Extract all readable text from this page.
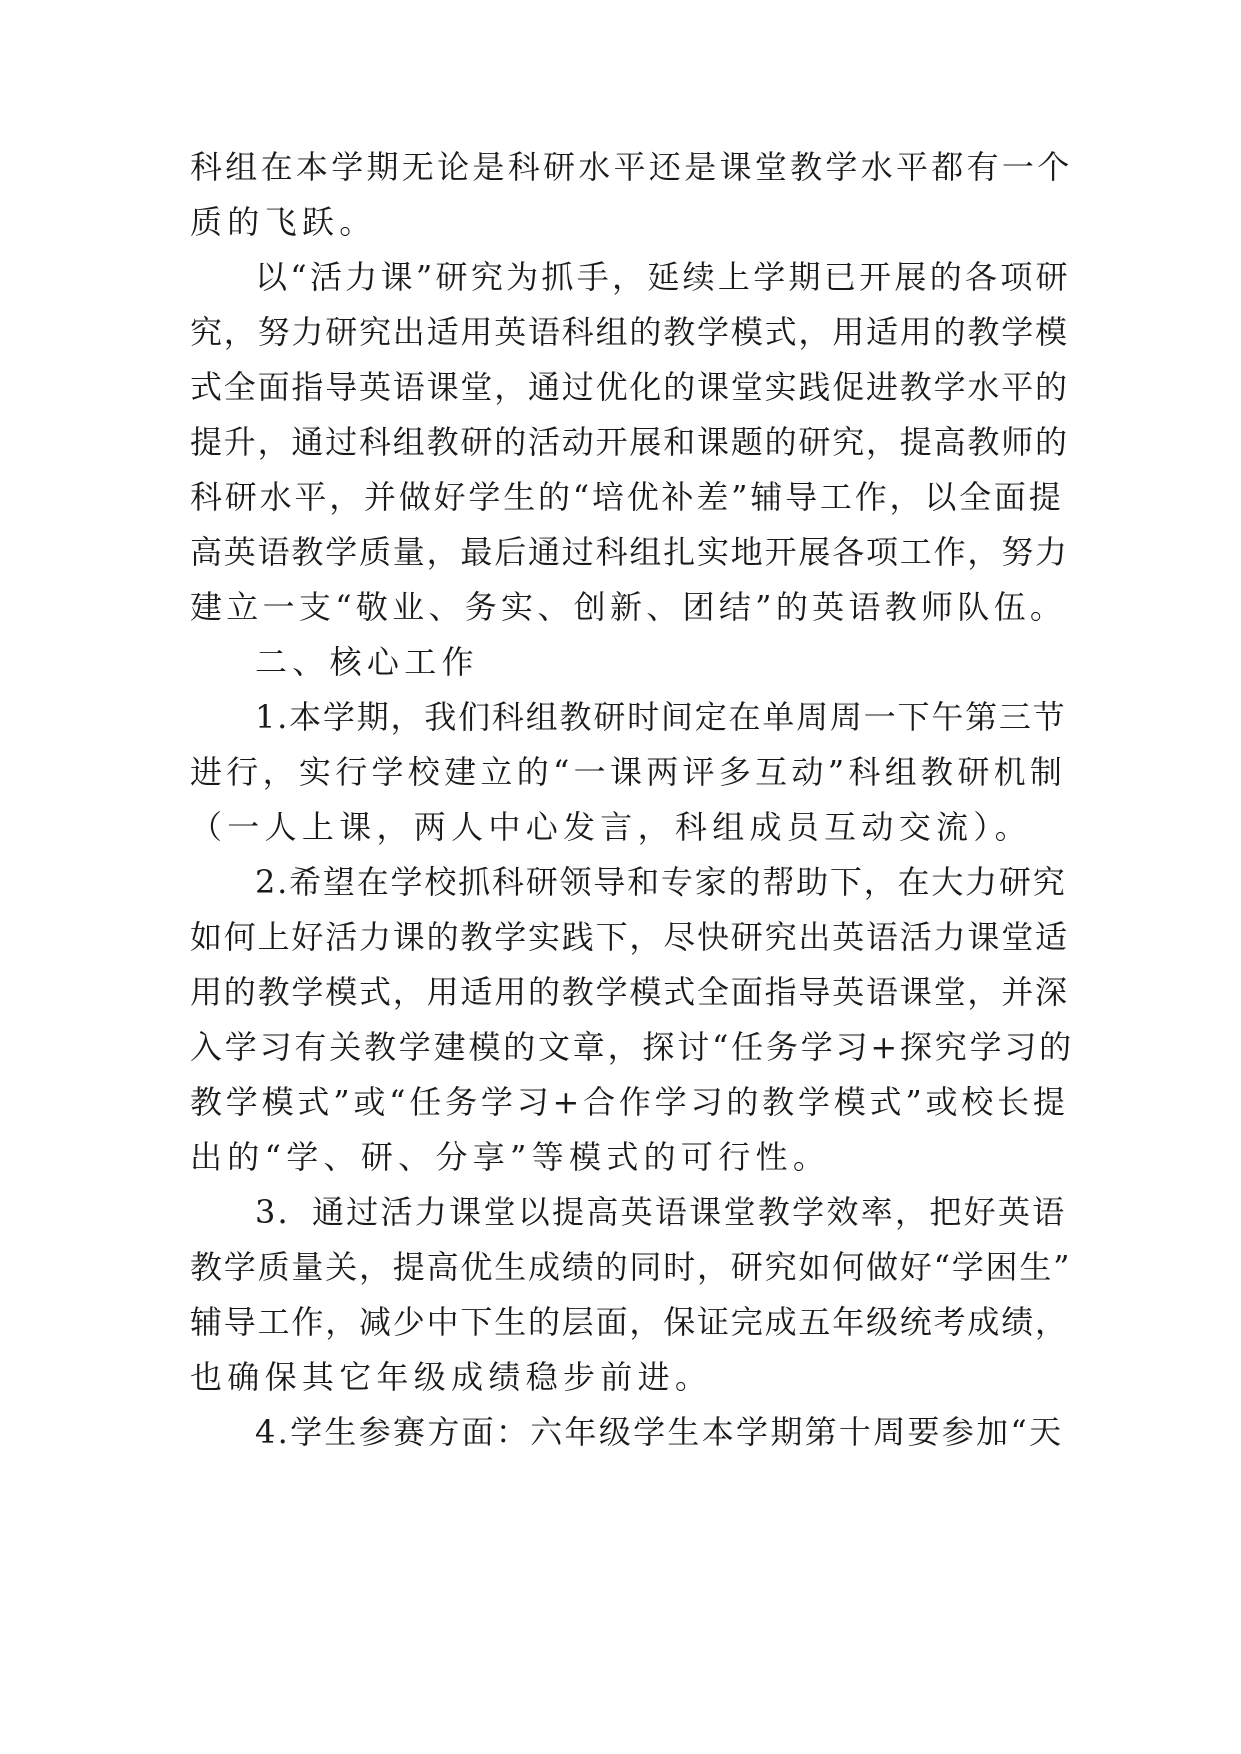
科组在本学期无论是科研水平还是课堂教学水平都有一个
质的飞跃。
以“活力课”研究为抓手，延续上学期已开展的各项研
究，努力研究出适用英语科组的教学模式，用适用的教学模
式全面指导英语课堂，通过优化的课堂实践促进教学水平的
提升，通过科组教研的活动开展和课题的研究，提高教师的
科研水平，并做好学生的“培优补差”辅导工作，以全面提
高英语教学质量，最后通过科组扎实地开展各项工作，努力
建立一支“敬业、务实、创新、团结”的英语教师队伍。
二、核心工作
1.本学期，我们科组教研时间定在单周周一下午第三节
进行，实行学校建立的“一课两评多互动”科组教研机制
（一人上课，两人中心发言，科组成员互动交流）。
2.希望在学校抓科研领导和专家的帮助下，在大力研究
如何上好活力课的教学实践下，尽快研究出英语活力课堂适
用的教学模式，用适用的教学模式全面指导英语课堂，并深
入学习有关教学建模的文章，探讨“任务学习+探究学习的
教学模式”或“任务学习+合作学习的教学模式”或校长提
出的“学、研、分享”等模式的可行性。
3．通过活力课堂以提高英语课堂教学效率，把好英语
教学质量关，提高优生成绩的同时，研究如何做好“学困生”
辅导工作，减少中下生的层面，保证完成五年级统考成绩，
也确保其它年级成绩稳步前进。
4.学生参赛方面：六年级学生本学期第十周要参加“天
